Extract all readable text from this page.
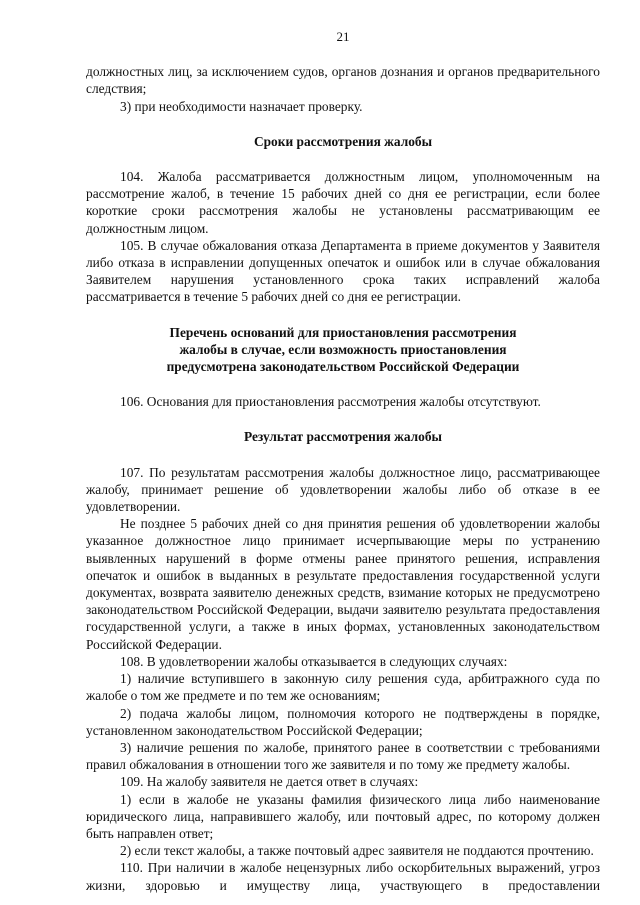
21

должностных лиц, за исключением судов, органов дознания и органов предварительного следствия;

3) при необходимости назначает проверку.

Сроки рассмотрения жалобы

104. Жалоба рассматривается должностным лицом, уполномоченным на рассмотрение жалоб, в течение 15 рабочих дней со дня ее регистрации, если более короткие сроки рассмотрения жалобы не установлены рассматривающим ее должностным лицом.

105. В случае обжалования отказа Департамента в приеме документов у Заявителя либо отказа в исправлении допущенных опечаток и ошибок или в случае обжалования Заявителем нарушения установленного срока таких исправлений жалоба рассматривается в течение 5 рабочих дней со дня ее регистрации.

Перечень оснований для приостановления рассмотрения
жалобы в случае, если возможность приостановления
предусмотрена законодательством Российской Федерации

106. Основания для приостановления рассмотрения жалобы отсутствуют.

Результат рассмотрения жалобы

107. По результатам рассмотрения жалобы должностное лицо, рассматривающее жалобу, принимает решение об удовлетворении жалобы либо об отказе в ее удовлетворении.

Не позднее 5 рабочих дней со дня принятия решения об удовлетворении жалобы указанное должностное лицо принимает исчерпывающие меры по устранению выявленных нарушений в форме отмены ранее принятого решения, исправления опечаток и ошибок в выданных в результате предоставления государственной услуги документах, возврата заявителю денежных средств, взимание которых не предусмотрено законодательством Российской Федерации, выдачи заявителю результата предоставления государственной услуги, а также в иных формах, установленных законодательством Российской Федерации.

108. В удовлетворении жалобы отказывается в следующих случаях:

1) наличие вступившего в законную силу решения суда, арбитражного суда по жалобе о том же предмете и по тем же основаниям;

2) подача жалобы лицом, полномочия которого не подтверждены в порядке, установленном законодательством Российской Федерации;

3) наличие решения по жалобе, принятого ранее в соответствии с требованиями правил обжалования в отношении того же заявителя и по тому же предмету жалобы.

109. На жалобу заявителя не дается ответ в случаях:

1) если в жалобе не указаны фамилия физического лица либо наименование юридического лица, направившего жалобу, или почтовый адрес, по которому должен быть направлен ответ;

2) если текст жалобы, а также почтовый адрес заявителя не поддаются прочтению.

110. При наличии в жалобе нецензурных либо оскорбительных выражений, угроз жизни, здоровью и имуществу лица, участвующего в предоставлении
